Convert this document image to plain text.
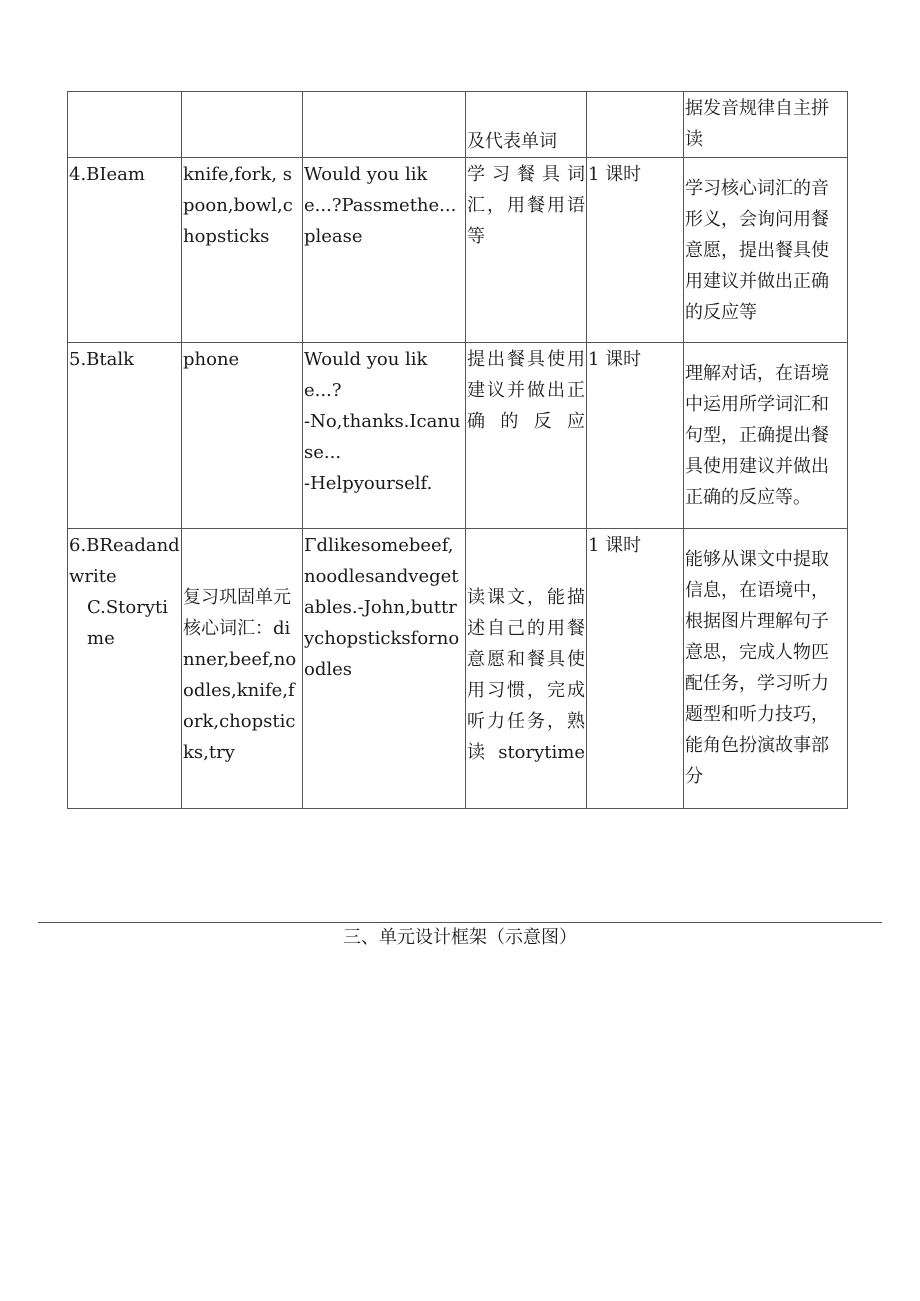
			及代表单词		据发音规律自主拼读
4.BIeam	knife,fork, spoon,bowl,chopsticks	Would you like...?Passmethe...please	学习餐具词汇，用餐用语等	1 课时	学习核心词汇的音形义，会询问用餐意愿，提出餐具使用建议并做出正确的反应等

5.Btalk	phone	Would you like...?
-No,thanks.Icanuse...
-Helpyourself.	提出餐具使用建议并做出正确的反应	1 课时	理解对话，在语境中运用所学词汇和句型，正确提出餐具使用建议并做出正确的反应等。

6.BReadand write

C.Storytime	复习巩固单元核心词汇：dinner,beef,noodles,knife,fork,chopsticks,try	Γdlikesomebeef,noodlesandvegetables.-John,buttrychopsticksfornoodles	读课文，能描述自己的用餐意愿和餐具使用习惯，完成听力任务，熟读storytime	1 课时	能够从课文中提取信息，在语境中，根据图片理解句子意思，完成人物匹配任务，学习听力题型和听力技巧，能角色扮演故事部分
三、单元设计框架（示意图）
